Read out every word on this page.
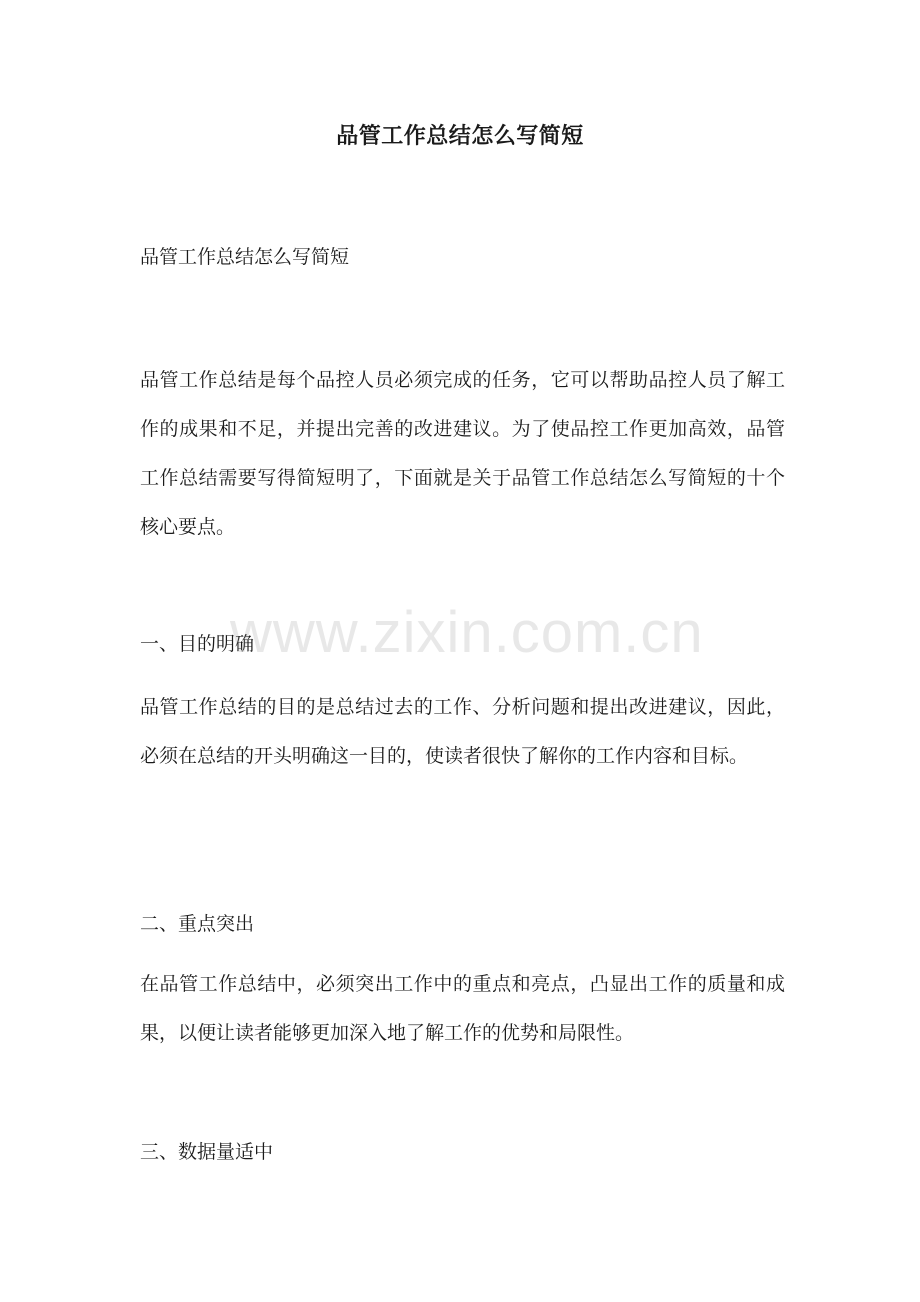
品管工作总结怎么写简短
品管工作总结怎么写简短
品管工作总结是每个品控人员必须完成的任务，它可以帮助品控人员了解工作的成果和不足，并提出完善的改进建议。为了使品控工作更加高效，品管工作总结需要写得简短明了，下面就是关于品管工作总结怎么写简短的十个核心要点。
一、目的明确
品管工作总结的目的是总结过去的工作、分析问题和提出改进建议，因此，必须在总结的开头明确这一目的，使读者很快了解你的工作内容和目标。
二、重点突出
在品管工作总结中，必须突出工作中的重点和亮点，凸显出工作的质量和成果，以便让读者能够更加深入地了解工作的优势和局限性。
三、数据量适中
www.zixin.com.cn
